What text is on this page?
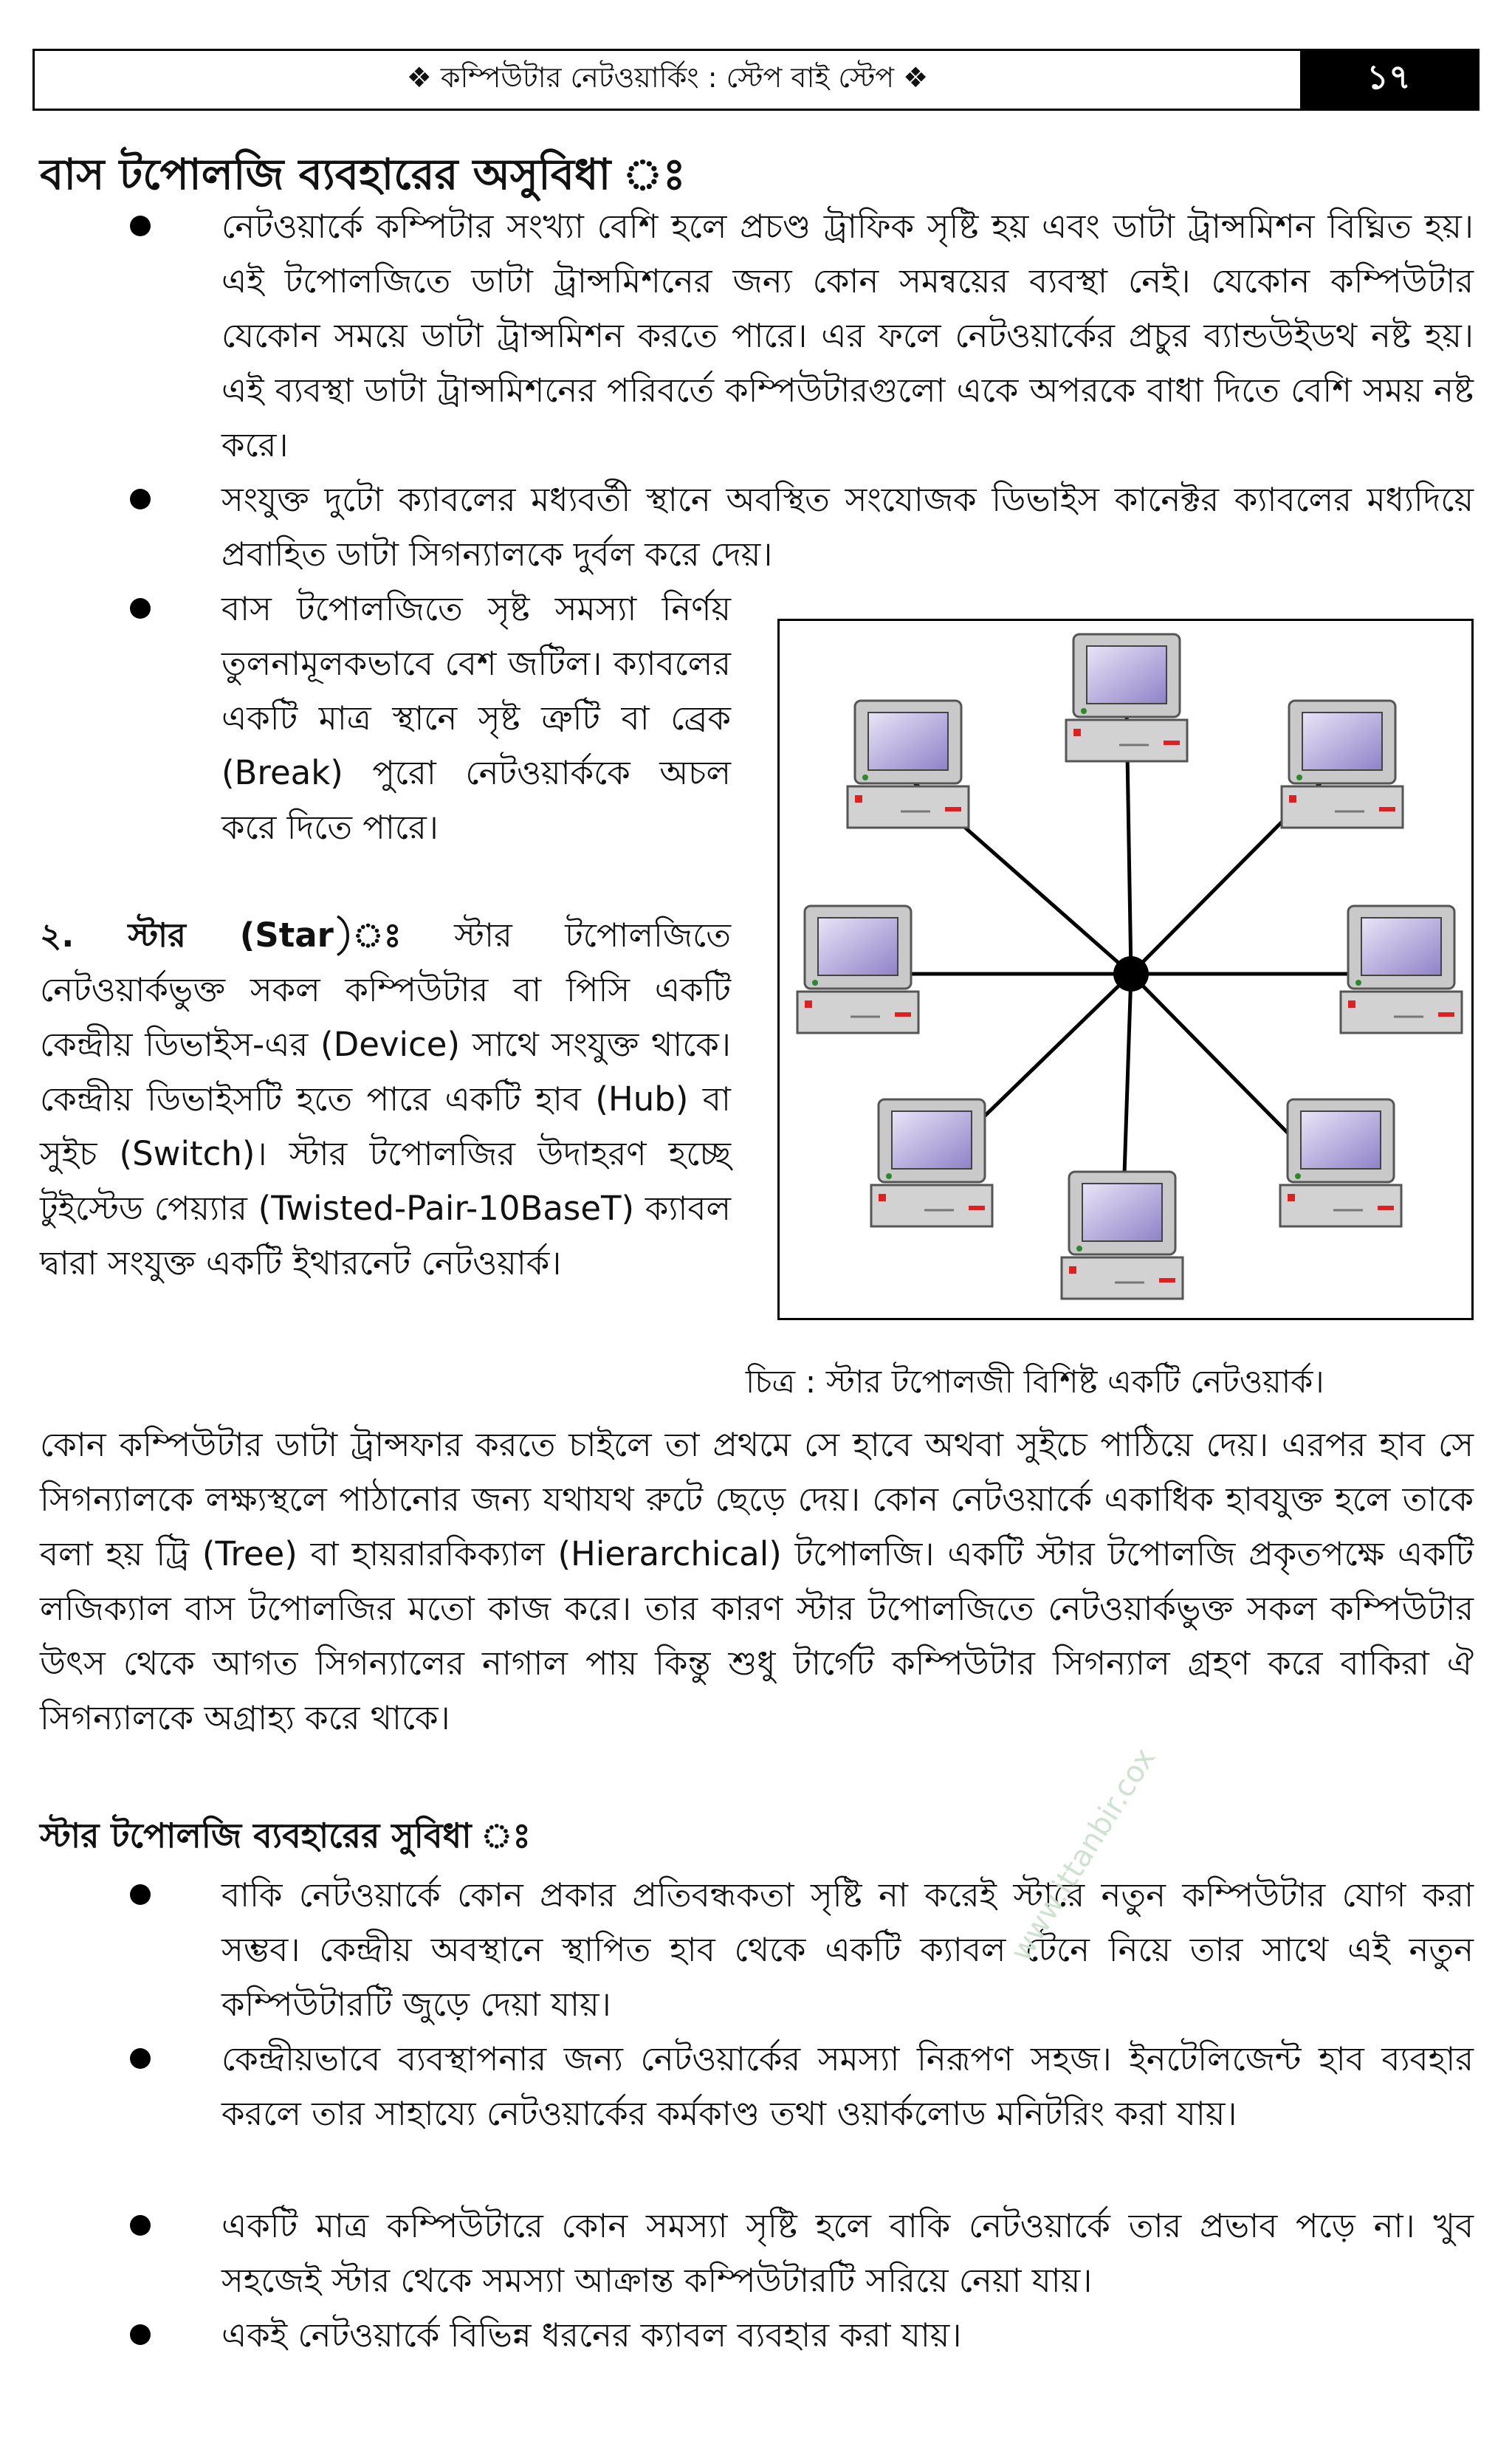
❖ কম্পিউটার নেটওয়ার্কিং : স্টেপ বাই স্টেপ ❖	১৭
বাস টপোলজি ব্যবহারের অসুবিধা ঃ
নেটওয়ার্কে কম্পিটার সংখ্যা বেশি হলে প্রচণ্ড ট্রাফিক সৃষ্টি হয় এবং ডাটা ট্রান্সমিশন বিঘ্নিত হয়। এই টপোলজিতে ডাটা ট্রান্সমিশনের জন্য কোন সমন্বয়ের ব্যবস্থা নেই। যেকোন কম্পিউটার যেকোন সময়ে ডাটা ট্রান্সমিশন করতে পারে। এর ফলে নেটওয়ার্কের প্রচুর ব্যান্ডউইডথ নষ্ট হয়। এই ব্যবস্থা ডাটা ট্রান্সমিশনের পরিবর্তে কম্পিউটারগুলো একে অপরকে বাধা দিতে বেশি সময় নষ্ট করে।
সংযুক্ত দুটো ক্যাবলের মধ্যবর্তী স্থানে অবস্থিত সংযোজক ডিভাইস কানেক্টর ক্যাবলের মধ্যদিয়ে প্রবাহিত ডাটা সিগন্যালকে দুর্বল করে দেয়।
বাস টপোলজিতে সৃষ্ট সমস্যা নির্ণয় তুলনামূলকভাবে বেশ জটিল। ক্যাবলের একটি মাত্র স্থানে সৃষ্ট ত্রুটি বা ব্রেক (Break) পুরো নেটওয়ার্ককে অচল করে দিতে পারে।
২. স্টার (Star)ঃ স্টার টপোলজিতে নেটওয়ার্কভুক্ত সকল কম্পিউটার বা পিসি একটি কেন্দ্রীয় ডিভাইস-এর (Device) সাথে সংযুক্ত থাকে। কেন্দ্রীয় ডিভাইসটি হতে পারে একটি হাব (Hub) বা সুইচ (Switch)। স্টার টপোলজির উদাহরণ হচ্ছে টুইস্টেড পেয়্যার (Twisted-Pair-10BaseT) ক্যাবল দ্বারা সংযুক্ত একটি ইথারনেট নেটওয়ার্ক।
চিত্র : স্টার টপোলজী বিশিষ্ট একটি নেটওয়ার্ক।
কোন কম্পিউটার ডাটা ট্রান্সফার করতে চাইলে তা প্রথমে সে হাবে অথবা সুইচে পাঠিয়ে দেয়। এরপর হাব সে সিগন্যালকে লক্ষ্যস্থলে পাঠানোর জন্য যথাযথ রুটে ছেড়ে দেয়। কোন নেটওয়ার্কে একাধিক হাবযুক্ত হলে তাকে বলা হয় ট্রি (Tree) বা হায়রারকিক্যাল (Hierarchical) টপোলজি। একটি স্টার টপোলজি প্রকৃতপক্ষে একটি লজিক্যাল বাস টপোলজির মতো কাজ করে। তার কারণ স্টার টপোলজিতে নেটওয়ার্কভুক্ত সকল কম্পিউটার উৎস থেকে আগত সিগন্যালের নাগাল পায় কিন্তু শুধু টার্গেট কম্পিউটার সিগন্যাল গ্রহণ করে বাকিরা ঐ সিগন্যালকে অগ্রাহ্য করে থাকে।
স্টার টপোলজি ব্যবহারের সুবিধা ঃ
বাকি নেটওয়ার্কে কোন প্রকার প্রতিবন্ধকতা সৃষ্টি না করেই স্টারে নতুন কম্পিউটার যোগ করা সম্ভব। কেন্দ্রীয় অবস্থানে স্থাপিত হাব থেকে একটি ক্যাবল টেনে নিয়ে তার সাথে এই নতুন কম্পিউটারটি জুড়ে দেয়া যায়।
কেন্দ্রীয়ভাবে ব্যবস্থাপনার জন্য নেটওয়ার্কের সমস্যা নিরূপণ সহজ। ইনটেলিজেন্ট হাব ব্যবহার করলে তার সাহায্যে নেটওয়ার্কের কর্মকাণ্ড তথা ওয়ার্কলোড মনিটরিং করা যায়।
একটি মাত্র কম্পিউটারে কোন সমস্যা সৃষ্টি হলে বাকি নেটওয়ার্কে তার প্রভাব পড়ে না। খুব সহজেই স্টার থেকে সমস্যা আক্রান্ত কম্পিউটারটি সরিয়ে নেয়া যায়।
একই নেটওয়ার্কে বিভিন্ন ধরনের ক্যাবল ব্যবহার করা যায়।
www.ittanbir.cox
